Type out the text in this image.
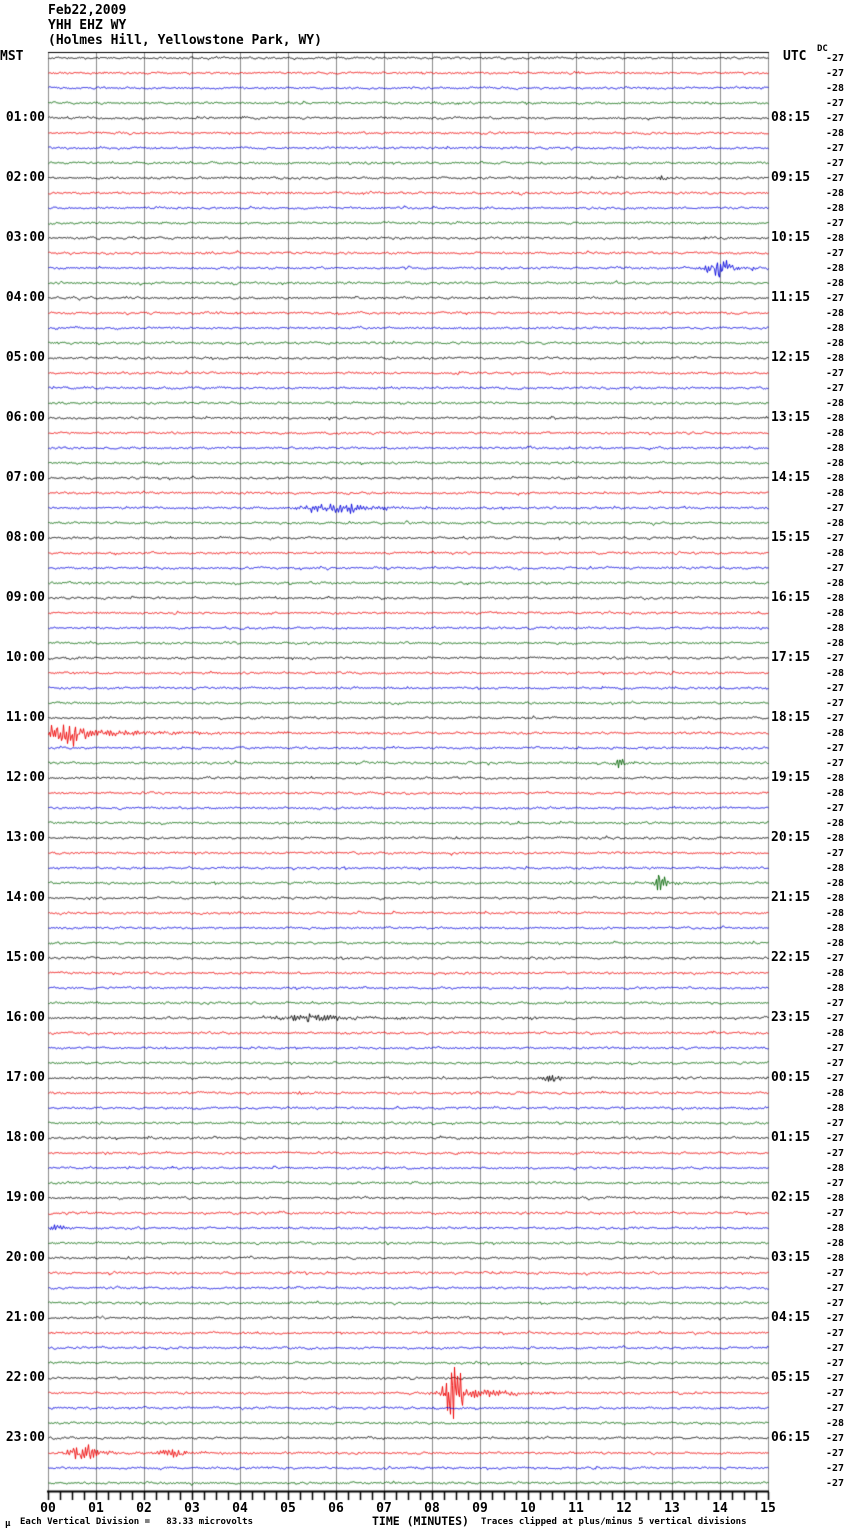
Feb22,2009
YHH EHZ WY
(Holmes Hill, Yellowstone Park, WY)
MST	UTC DC
01:00
02:00
03:00
04:00
05:00
06:00
07:00
08:00
09:00
10:00
11:00
12:00
13:00
14:00
15:00
16:00
17:00
18:00
19:00
20:00
21:00
22:00
23:00
08:15
09:15
10:15
11:15
12:15
13:15
14:15
15:15
16:15
17:15
18:15
19:15
20:15
21:15
22:15
23:15
00:15
01:15
02:15
03:15
04:15
05:15
06:15
-27
-27
-28
-27
-27
-28
-27
-27
-27
-28
-28
-27
-28
-27
-28
-28
-27
-28
-28
-28
-28
-27
-27
-28
-28
-28
-28
-28
-28
-28
-27
-28
-27
-28
-27
-28
-28
-28
-28
-28
-27
-28
-27
-27
-27
-28
-27
-27
-28
-28
-27
-28
-28
-27
-28
-28
-28
-28
-28
-28
-27
-28
-28
-27
-27
-28
-27
-27
-27
-28
-28
-27
-27
-27
-28
-27
-28
-27
-28
-28
-28
-27
-27
-27
-27
-27
-27
-27
-27
-27
-27
-28
-27
-27
-27
-27
00	01	02	03	04	05	06	07	08	09	10	11	12	13	14	15
µ Each Vertical Division =   83.33 microvolts	TIME (MINUTES) Traces clipped at plus/minus 5 vertical divisions
